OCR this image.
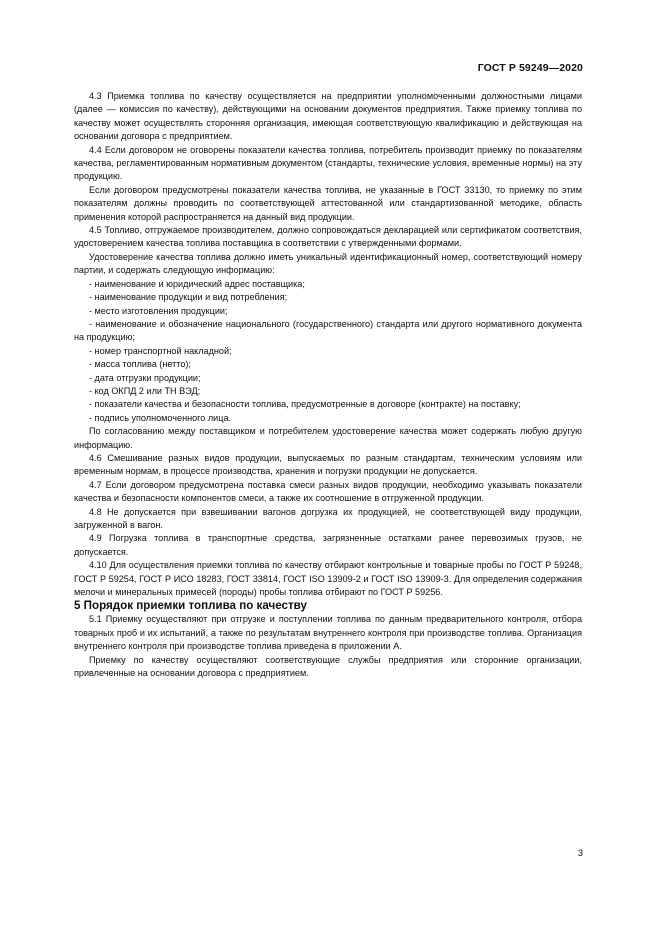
ГОСТ Р 59249—2020

4.3 Приемка топлива по качеству осуществляется на предприятии уполномоченными должностными лицами (далее — комиссия по качеству), действующими на основании документов предприятия. Также приемку топлива по качеству может осуществлять сторонняя организация, имеющая соответствующую квалификацию и действующая на основании договора с предприятием.

4.4 Если договором не оговорены показатели качества топлива, потребитель производит приемку по показателям качества, регламентированным нормативным документом (стандарты, технические условия, временные нормы) на эту продукцию.

Если договором предусмотрены показатели качества топлива, не указанные в ГОСТ 33130, то приемку по этим показателям должны проводить по соответствующей аттестованной или стандартизованной методике, область применения которой распространяется на данный вид продукции.

4.5 Топливо, отгружаемое производителем, должно сопровождаться декларацией или сертификатом соответствия, удостоверением качества топлива поставщика в соответствии с утвержденными формами.

Удостоверение качества топлива должно иметь уникальный идентификационный номер, соответствующий номеру партии, и содержать следующую информацию:

- наименование и юридический адрес поставщика;

- наименование продукции и вид потребления;

- место изготовления продукции;

- наименование и обозначение национального (государственного) стандарта или другого нормативного документа на продукцию;

- номер транспортной накладной;

- масса топлива (нетто);

- дата отгрузки продукции;

- код ОКПД 2 или ТН ВЭД;

- показатели качества и безопасности топлива, предусмотренные в договоре (контракте) на поставку;

- подпись уполномоченного лица.

По согласованию между поставщиком и потребителем удостоверение качества может содержать любую другую информацию.

4.6 Смешивание разных видов продукции, выпускаемых по разным стандартам, техническим условиям или временным нормам, в процессе производства, хранения и погрузки продукции не допускается.

4.7 Если договором предусмотрена поставка смеси разных видов продукции, необходимо указывать показатели качества и безопасности компонентов смеси, а также их соотношение в отгруженной продукции.

4.8 Не допускается при взвешивании вагонов догрузка их продукцией, не соответствующей виду продукции, загруженной в вагон.

4.9 Погрузка топлива в транспортные средства, загрязненные остатками ранее перевозимых грузов, не допускается.

4.10 Для осуществления приемки топлива по качеству отбирают контрольные и товарные пробы по ГОСТ Р 59248, ГОСТ Р 59254, ГОСТ Р ИСО 18283, ГОСТ 33814, ГОСТ ISO 13909-2 и ГОСТ ISO 13909-3. Для определения содержания мелочи и минеральных примесей (породы) пробы топлива отбирают по ГОСТ Р 59256.

5 Порядок приемки топлива по качеству

5.1 Приемку осуществляют при отгрузке и поступлении топлива по данным предварительного контроля, отбора товарных проб и их испытаний, а также по результатам внутреннего контроля при производстве топлива. Организация внутреннего контроля при производстве топлива приведена в приложении А.

Приемку по качеству осуществляют соответствующие службы предприятия или сторонние организации, привлеченные на основании договора с предприятием.

3
